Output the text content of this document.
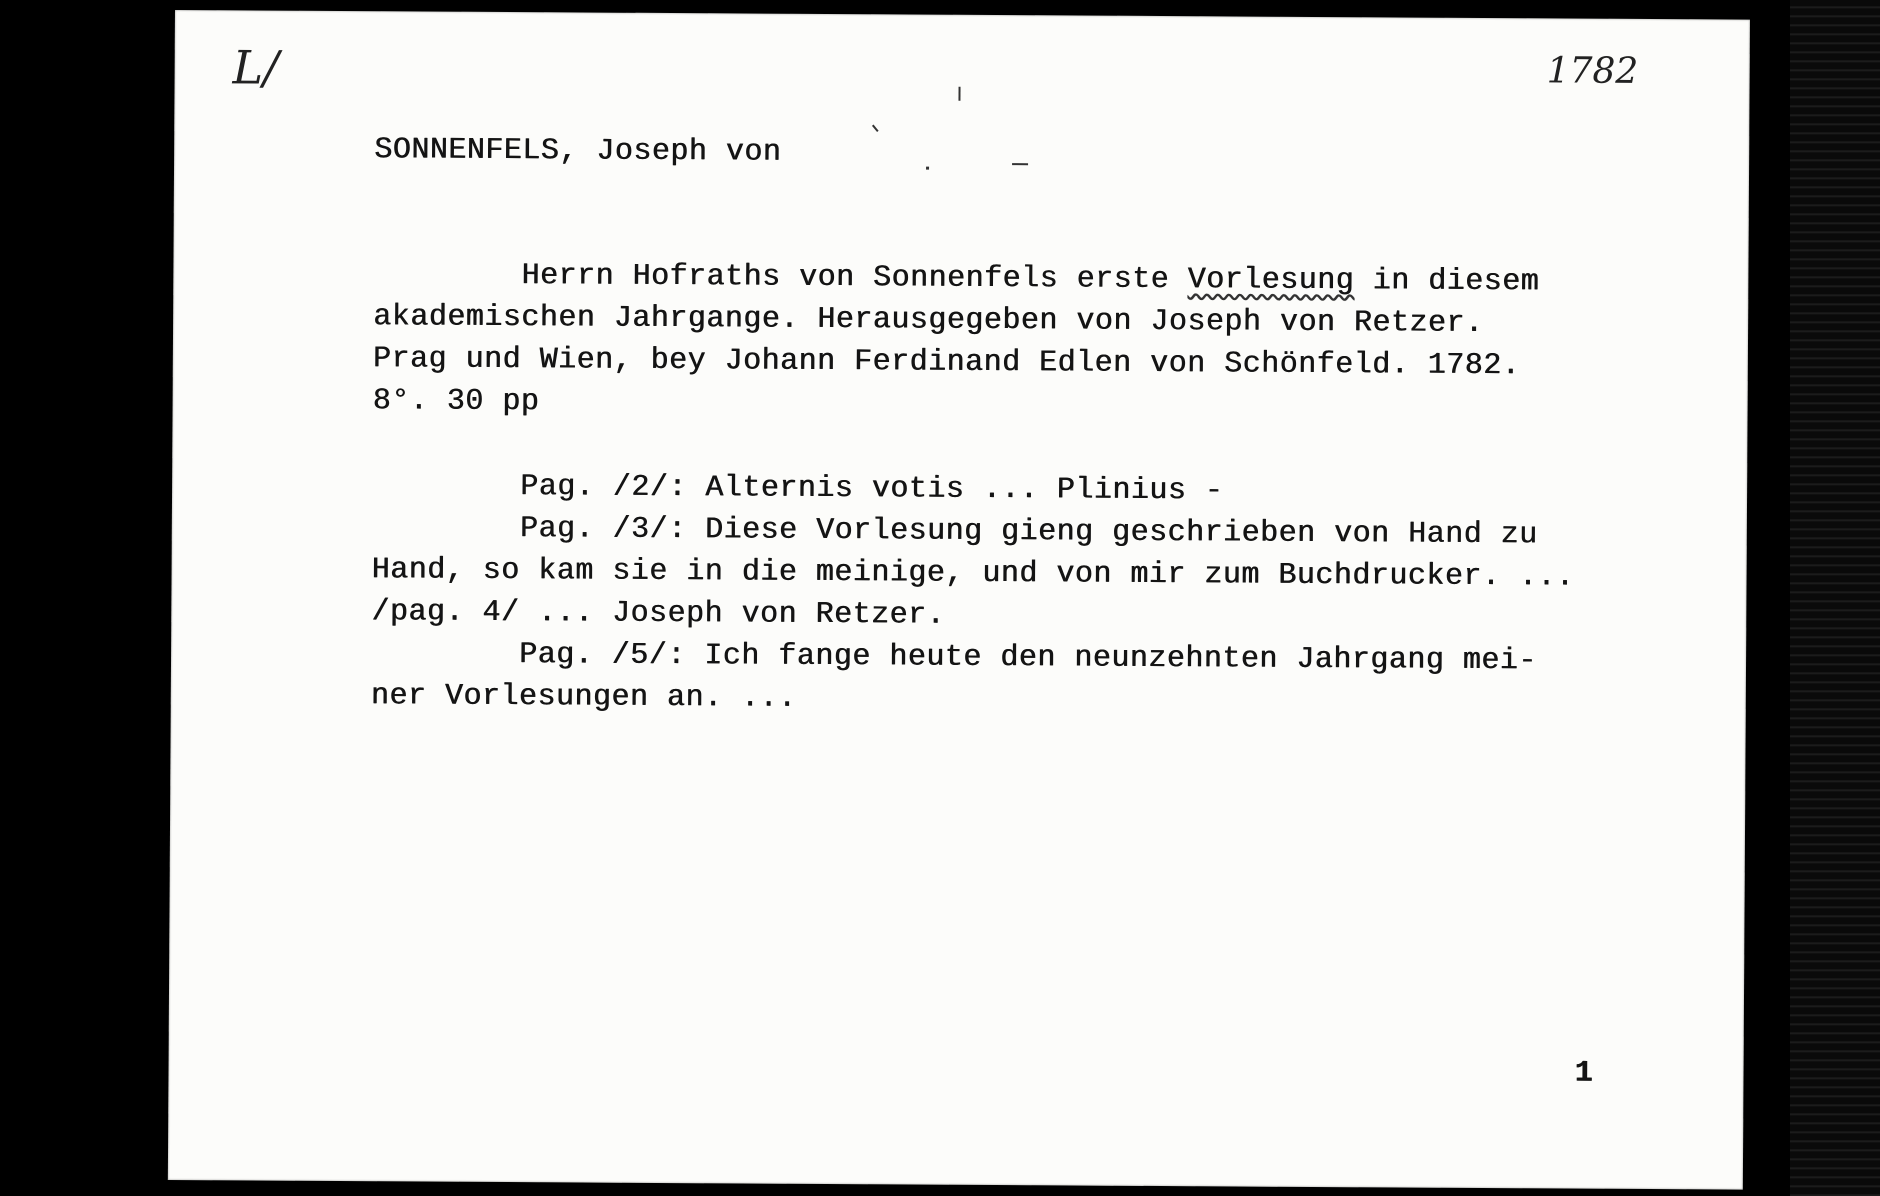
L/	1782

SONNENFELS, Joseph von

Herrn Hofraths von Sonnenfels erste Vorlesung in diesem

akademischen Jahrgange. Herausgegeben von Joseph von Retzer.

Prag und Wien, bey Johann Ferdinand Edlen von Schönfeld. 1782.

8°. 30 pp

Pag. /2/: Alternis votis ... Plinius -

Pag. /3/: Diese Vorlesung gieng geschrieben von Hand zu

Hand, so kam sie in die meinige, und von mir zum Buchdrucker. ...

/pag. 4/ ... Joseph von Retzer.

Pag. /5/: Ich fange heute den neunzehnten Jahrgang mei-

ner Vorlesungen an. ...

1
